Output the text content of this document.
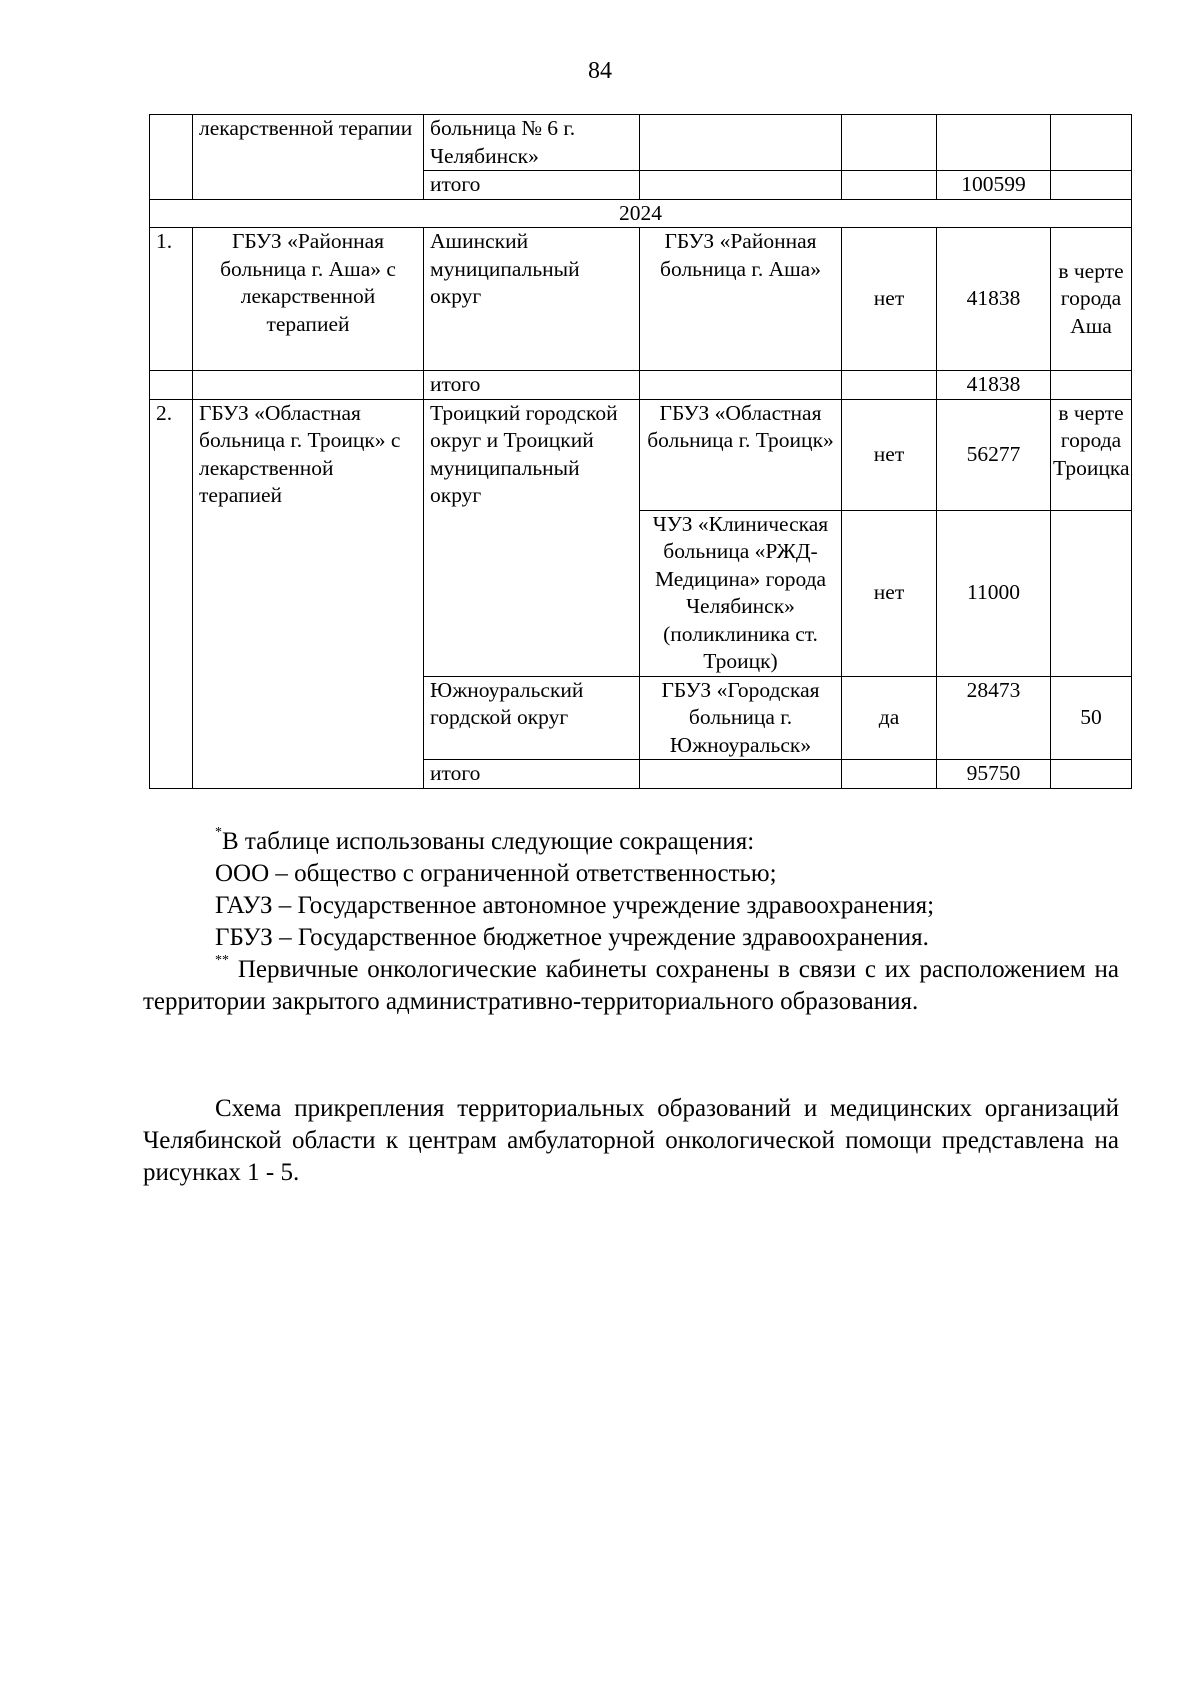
84
	лекарственной терапии	больница № 6 г. Челябинск»				
		итого			100599	
2024						
1.	ГБУЗ «Районная больница г. Аша» с лекарственной терапией	Ашинский муниципальный округ	ГБУЗ «Районная больница г. Аша»	нет	41838	в черте города Аша
		итого			41838	
2.	ГБУЗ «Областная больница г. Троицк» с лекарственной терапией	Троицкий городской округ и Троицкий муниципальный округ	ГБУЗ «Областная больница г. Троицк»	нет	56277	в черте города Троицка
			ЧУЗ «Клиническая больница «РЖД-Медицина» города Челябинск» (поликлиника ст. Троицк)	нет	11000	
		Южноуральский гордской округ	ГБУЗ «Городская больница г. Южноуральск»	да	28473	50
		итого			95750	

*В таблице использованы следующие сокращения:

ООО – общество с ограниченной ответственностью;

ГАУЗ – Государственное автономное учреждение здравоохранения;

ГБУЗ – Государственное бюджетное учреждение здравоохранения.

** Первичные онкологические кабинеты сохранены в связи с их расположением на территории закрытого административно-территориального образования.

Схема прикрепления территориальных образований и медицинских организаций Челябинской области к центрам амбулаторной онкологической помощи представлена на рисунках 1 - 5.
